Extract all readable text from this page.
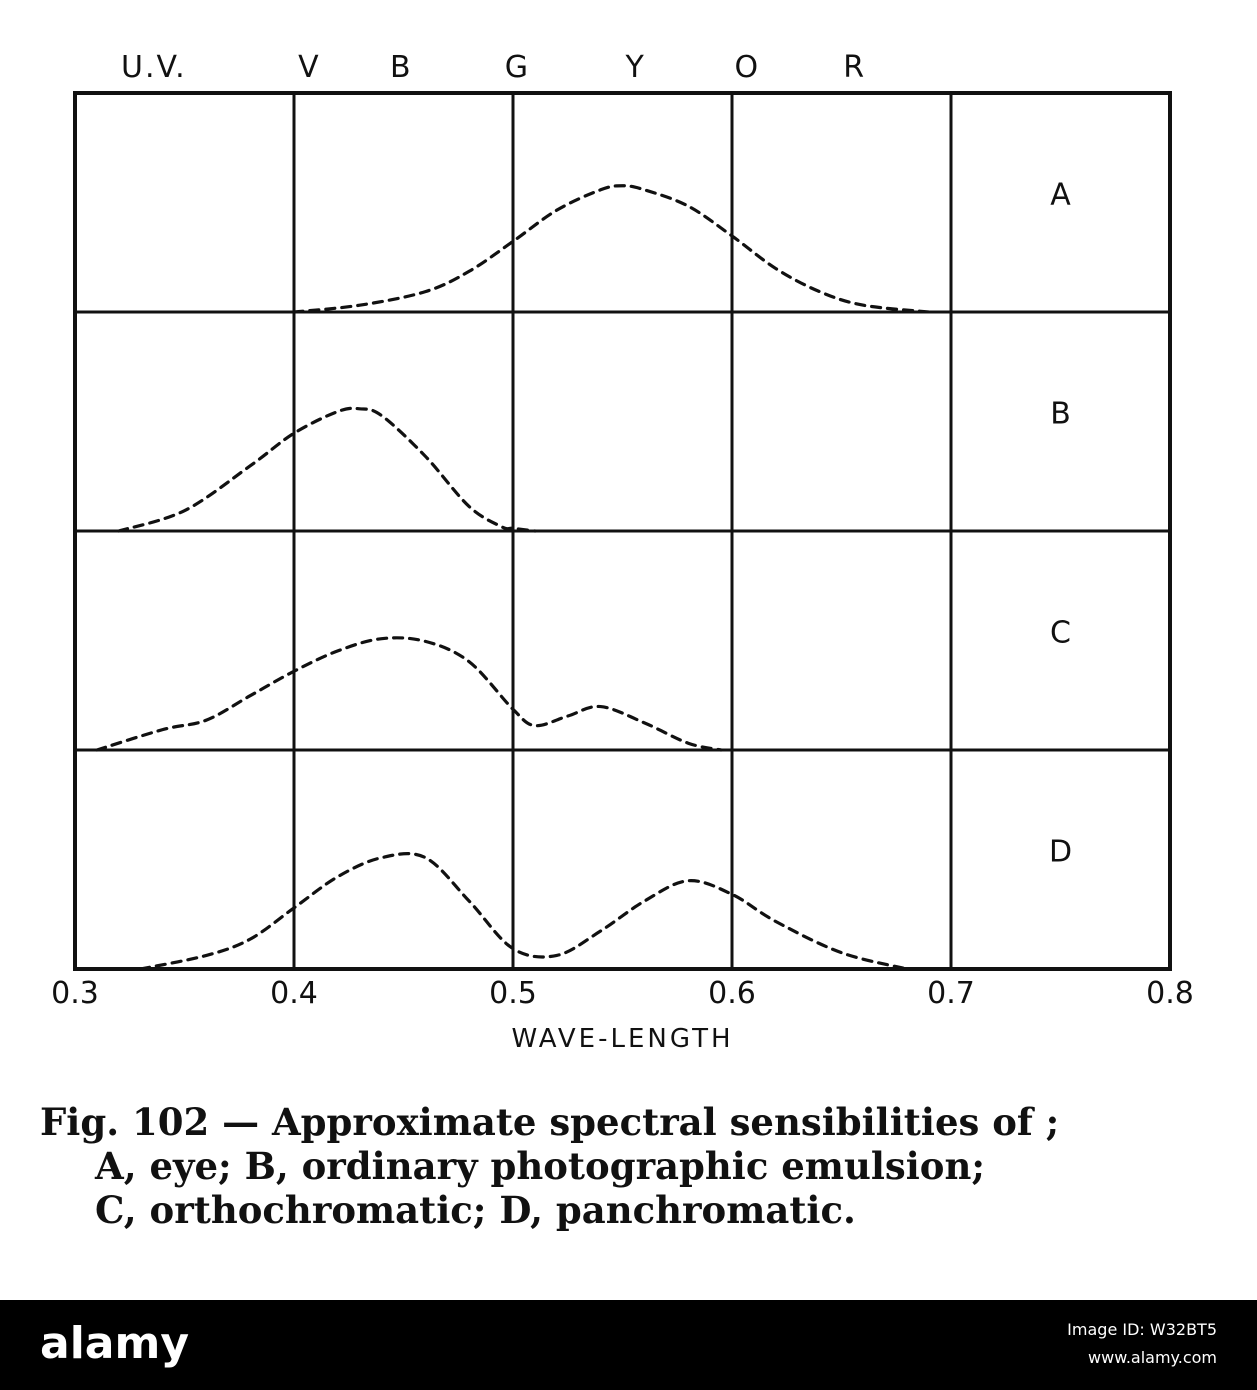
A
B
C
D
0.3	0.4	0.5	0.6	0.7	0.8
WAVE-LENGTH
U.V.	V B	G	Y	O	R

Fig. 102 — Approximate spectral sensibilities of ;
A, eye; B, ordinary photographic emulsion;
C, orthochromatic; D, panchromatic.

alamy	Image ID: W32BT5
www.alamy.com
